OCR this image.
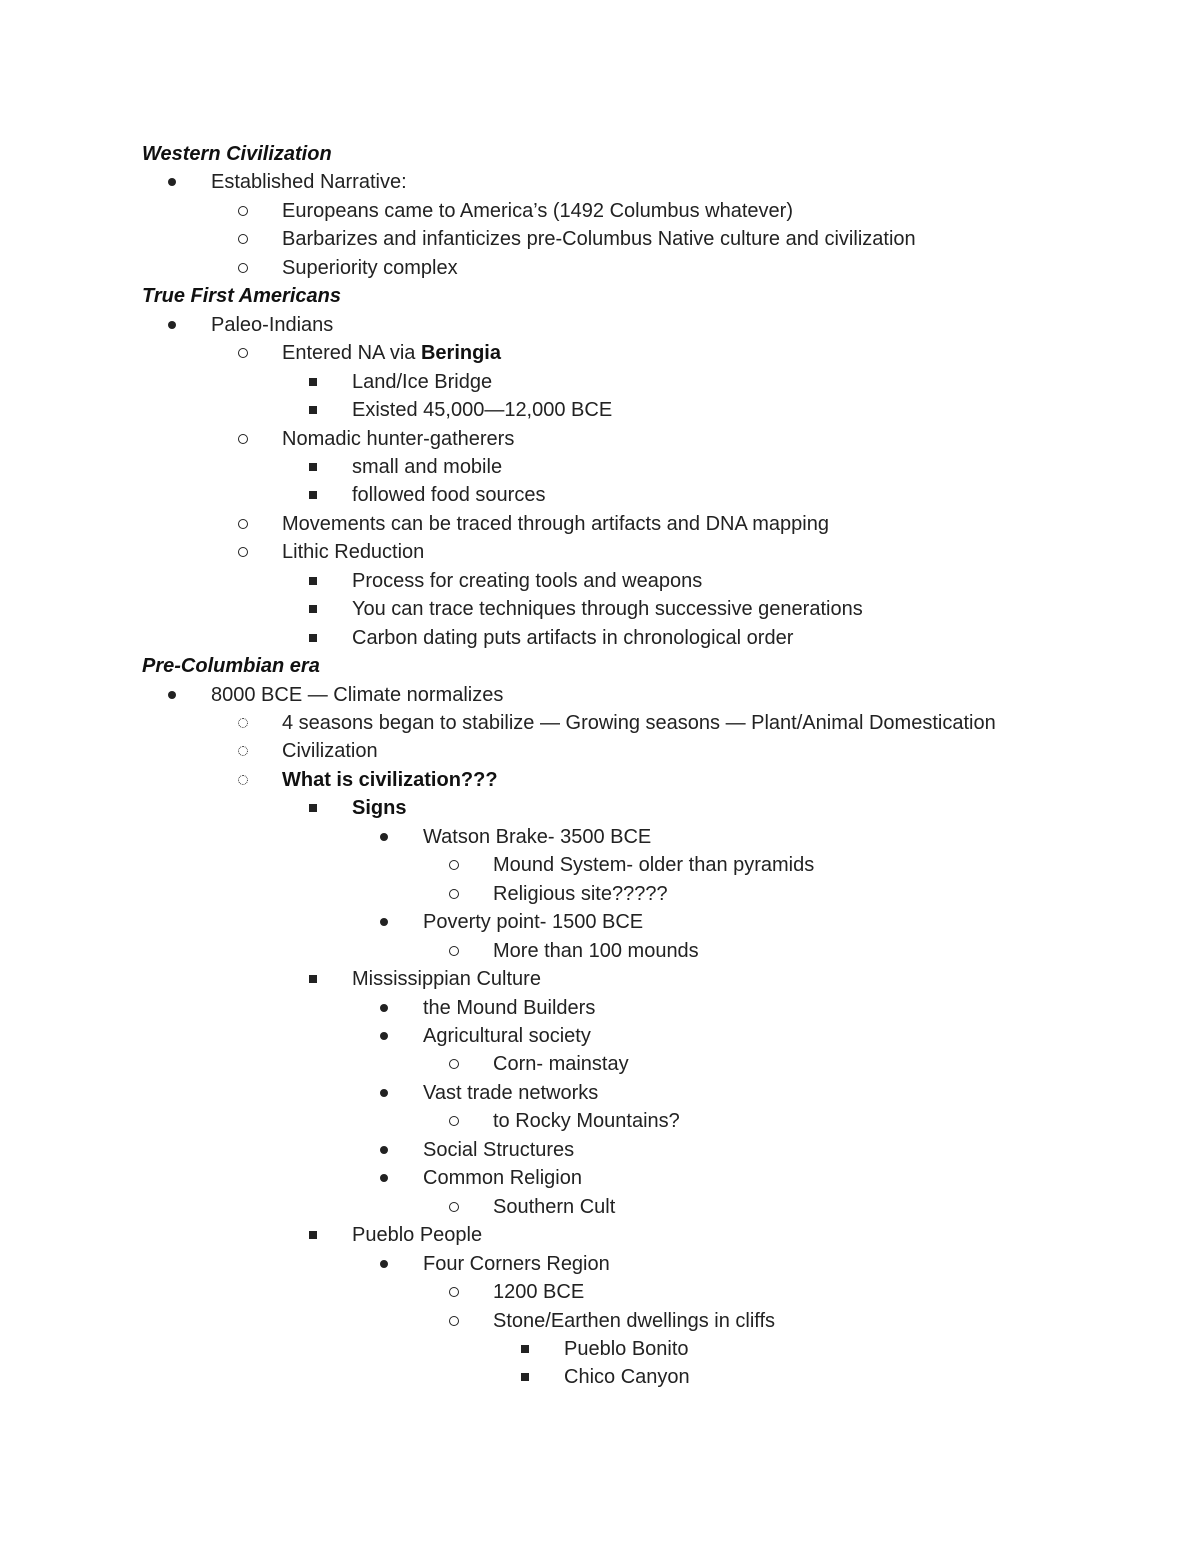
Western Civilization
Established Narrative:
Europeans came to America’s (1492 Columbus whatever)
Barbarizes and infanticizes pre-Columbus Native culture and civilization
Superiority complex
True First Americans
Paleo-Indians
Entered NA via Beringia
Land/Ice Bridge
Existed 45,000—12,000 BCE
Nomadic hunter-gatherers
small and mobile
followed food sources
Movements can be traced through artifacts and DNA mapping
Lithic Reduction
Process for creating tools and weapons
You can trace techniques through successive generations
Carbon dating puts artifacts in chronological order
Pre-Columbian era
8000 BCE — Climate normalizes
4 seasons began to stabilize — Growing seasons — Plant/Animal Domestication
Civilization
What is civilization???
Signs
Watson Brake- 3500 BCE
Mound System- older than pyramids
Religious site?????
Poverty point- 1500 BCE
More than 100 mounds
Mississippian Culture
the Mound Builders
Agricultural society
Corn- mainstay
Vast trade networks
to Rocky Mountains?
Social Structures
Common Religion
Southern Cult
Pueblo People
Four Corners Region
1200 BCE
Stone/Earthen dwellings in cliffs
Pueblo Bonito
Chico Canyon
